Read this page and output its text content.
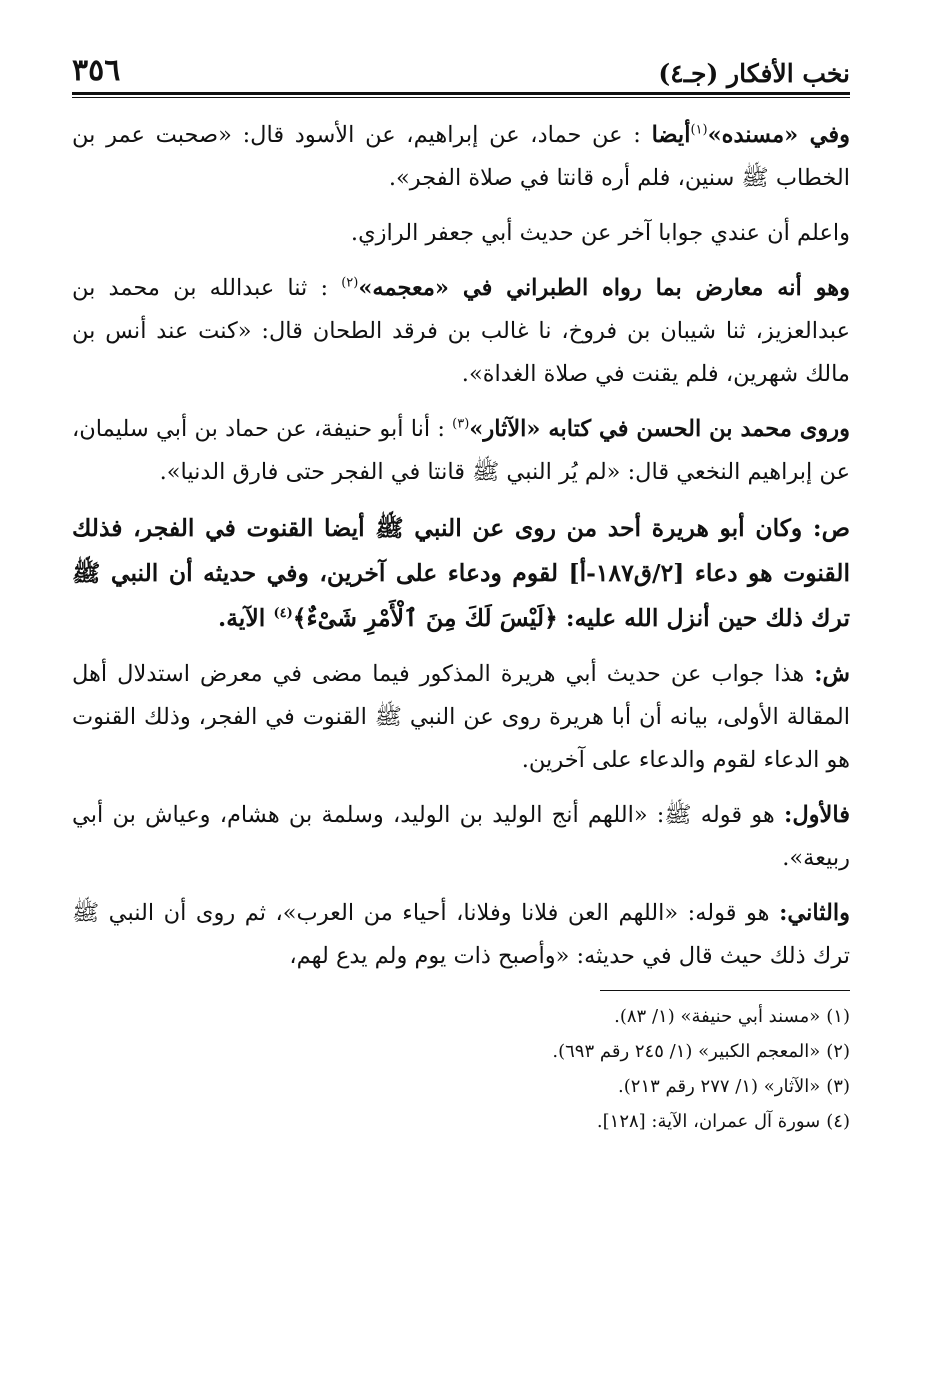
نخب الأفكار (جـ٤)
٣٥٦

وفي «مسنده»$^{(١)}$أيضا : عن حماد، عن إبراهيم، عن الأسود قال: «صحبت عمر بن الخطاب ﷺ سنين، فلم أره قانتا في صلاة الفجر».

واعلم أن عندي جوابا آخر عن حديث أبي جعفر الرازي.

وهو أنه معارض بما رواه الطبراني في «معجمه»$^{(٢)}$ : ثنا عبدالله بن محمد بن عبدالعزيز، ثنا شيبان بن فروخ، نا غالب بن فرقد الطحان قال: «كنت عند أنس بن مالك شهرين، فلم يقنت في صلاة الغداة».

وروى محمد بن الحسن في كتابه «الآثار»$^{(٣)}$ : أنا أبو حنيفة، عن حماد بن أبي سليمان، عن إبراهيم النخعي قال: «لم يُر النبي ﷺ قانتا في الفجر حتى فارق الدنيا».

ص: وكان أبو هريرة أحد من روى عن النبي ﷺ أيضا القنوت في الفجر، فذلك القنوت هو دعاء [٢/ق١٨٧-أ] لقوم ودعاء على آخرين، وفي حديثه أن النبي ﷺ ترك ذلك حين أنزل الله عليه: ﴿لَيْسَ لَكَ مِنَ ٱلْأَمْرِ شَىْءٌ﴾$^{(٤)}$ الآية.

ش: هذا جواب عن حديث أبي هريرة المذكور فيما مضى في معرض استدلال أهل المقالة الأولى، بيانه أن أبا هريرة روى عن النبي ﷺ القنوت في الفجر، وذلك القنوت هو الدعاء لقوم والدعاء على آخرين.

فالأول: هو قوله ﷺ: «اللهم أنج الوليد بن الوليد، وسلمة بن هشام، وعياش بن أبي ربيعة».

والثاني: هو قوله: «اللهم العن فلانا وفلانا، أحياء من العرب»، ثم روى أن النبي ﷺ ترك ذلك حيث قال في حديثه: «وأصبح ذات يوم ولم يدع لهم،

(١)«مسند أبي حنيفة» (١/ ٨٣).

(٢)«المعجم الكبير» (١/ ٢٤٥ رقم ٦٩٣).

(٣)«الآثار» (١/ ٢٧٧ رقم ٢١٣).

(٤)سورة آل عمران، الآية: [١٢٨].
